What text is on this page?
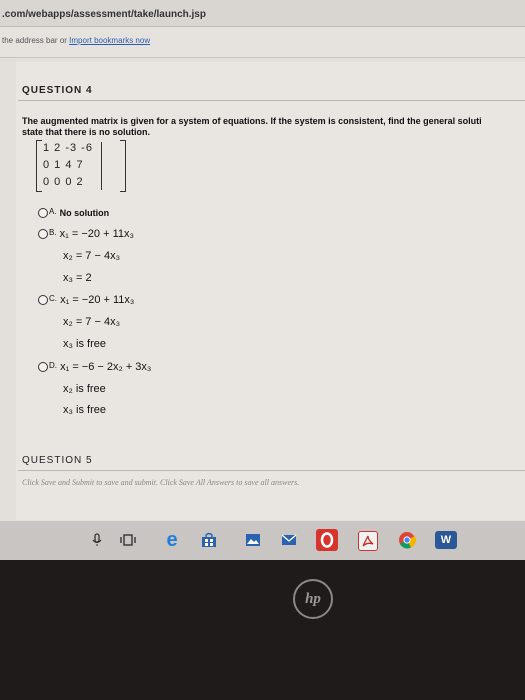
.com/webapps/assessment/take/launch.jsp
the address bar or Import bookmarks now
QUESTION 4
The augmented matrix is given for a system of equations. If the system is consistent, find the general soluti
state that there is no solution.
1 2 -3 -6
0 1 4 7
0 0 0 2
$^{A.}$ No solution
$^{B.}$ x₁ = −20 + 11x₃
x₂ = 7 − 4x₃
x₃ = 2
$^{C.}$ x₁ = −20 + 11x₃
x₂ = 7 − 4x₃
x₃ is free
$^{D.}$ x₁ = −6 − 2x₂ + 3x₃
x₂ is free
x₃ is free
QUESTION 5
Click Save and Submit to save and submit. Click Save All Answers to save all answers.
e	W
hp
